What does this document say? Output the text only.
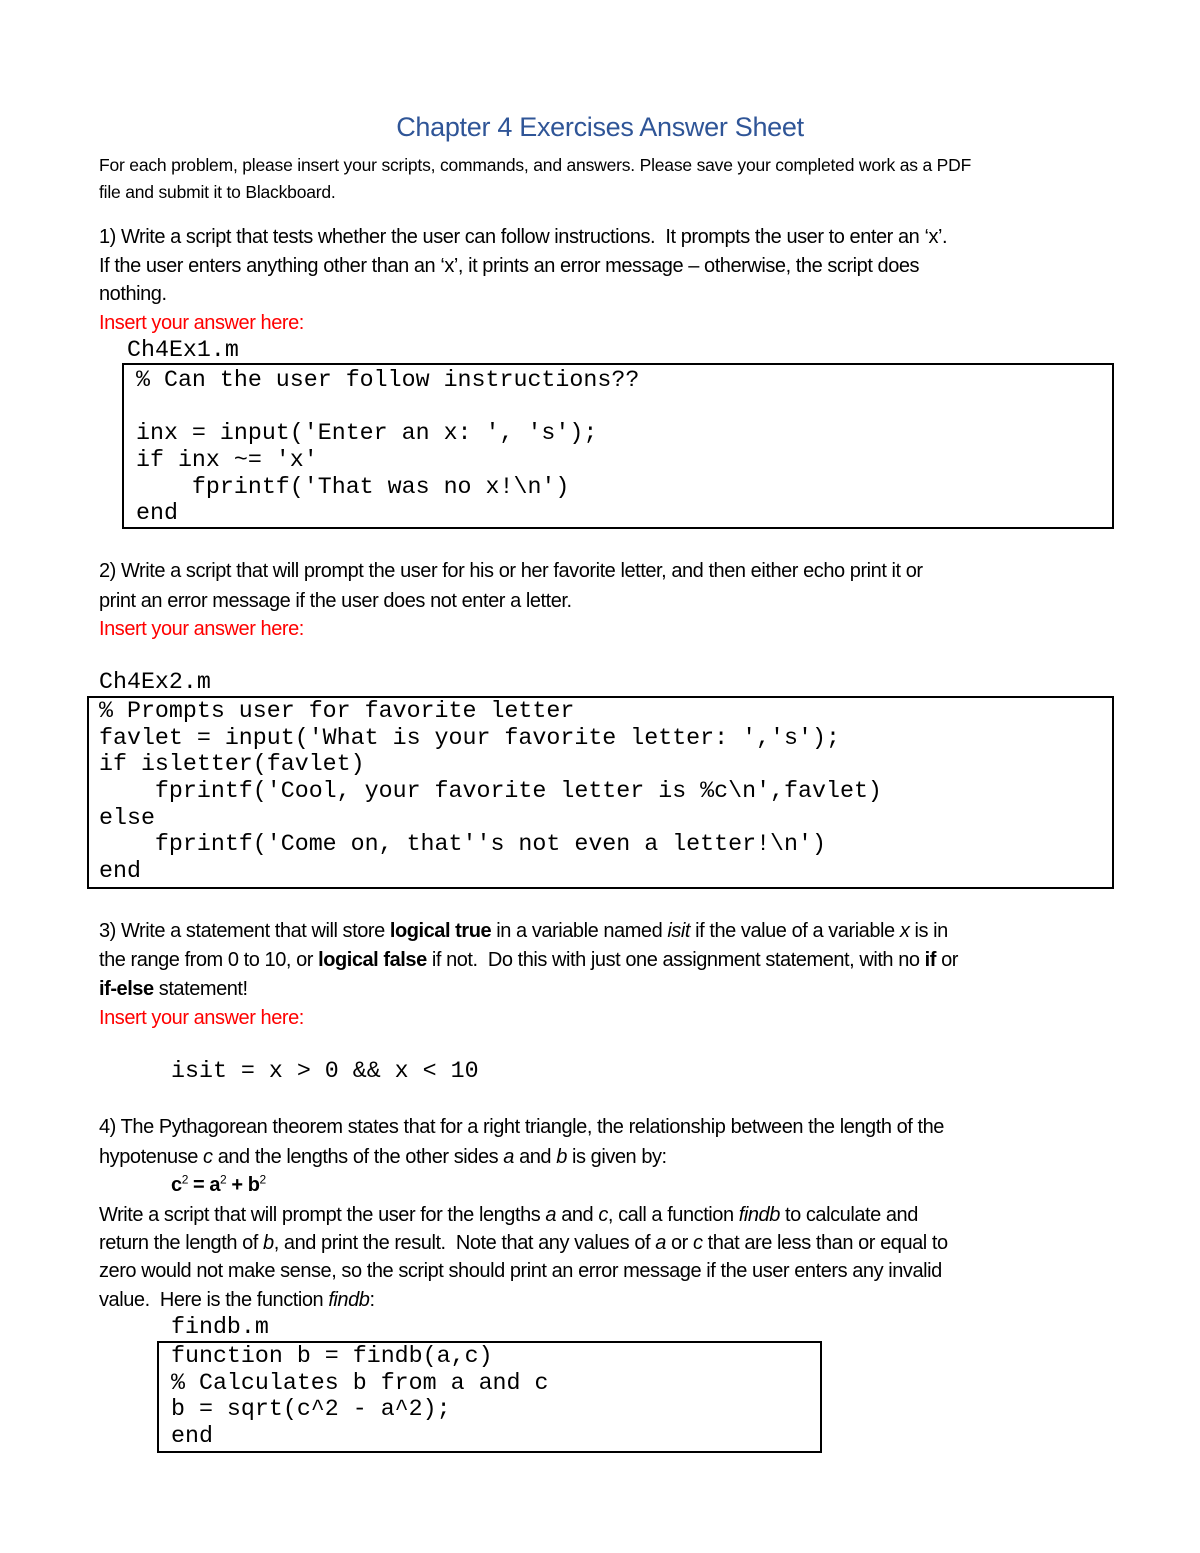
Chapter 4 Exercises Answer Sheet
For each problem, please insert your scripts, commands, and answers. Please save your completed work as a PDF
file and submit it to Blackboard.
1) Write a script that tests whether the user can follow instructions.  It prompts the user to enter an ‘x’.
If the user enters anything other than an ‘x’, it prints an error message – otherwise, the script does
nothing.
Insert your answer here:
Ch4Ex1.m
% Can the user follow instructions??
inx = input('Enter an x: ', 's');
if inx ~= 'x'
fprintf('That was no x!\n')
end
2) Write a script that will prompt the user for his or her favorite letter, and then either echo print it or
print an error message if the user does not enter a letter.
Insert your answer here:
Ch4Ex2.m
% Prompts user for favorite letter
favlet = input('What is your favorite letter: ','s');
if isletter(favlet)
fprintf('Cool, your favorite letter is %c\n',favlet)
else
fprintf('Come on, that''s not even a letter!\n')
end
3) Write a statement that will store logical true in a variable named isit if the value of a variable x is in
the range from 0 to 10, or logical false if not.  Do this with just one assignment statement, with no if or
if-else statement!
Insert your answer here:
isit = x > 0 && x < 10
4) The Pythagorean theorem states that for a right triangle, the relationship between the length of the
hypotenuse c and the lengths of the other sides a and b is given by:
$c^2 = a^2 + b^2$
Write a script that will prompt the user for the lengths a and c, call a function findb to calculate and
return the length of b, and print the result.  Note that any values of a or c that are less than or equal to
zero would not make sense, so the script should print an error message if the user enters any invalid
value.  Here is the function findb:
findb.m
function b = findb(a,c)
% Calculates b from a and c
b = sqrt(c^2 - a^2);
end
